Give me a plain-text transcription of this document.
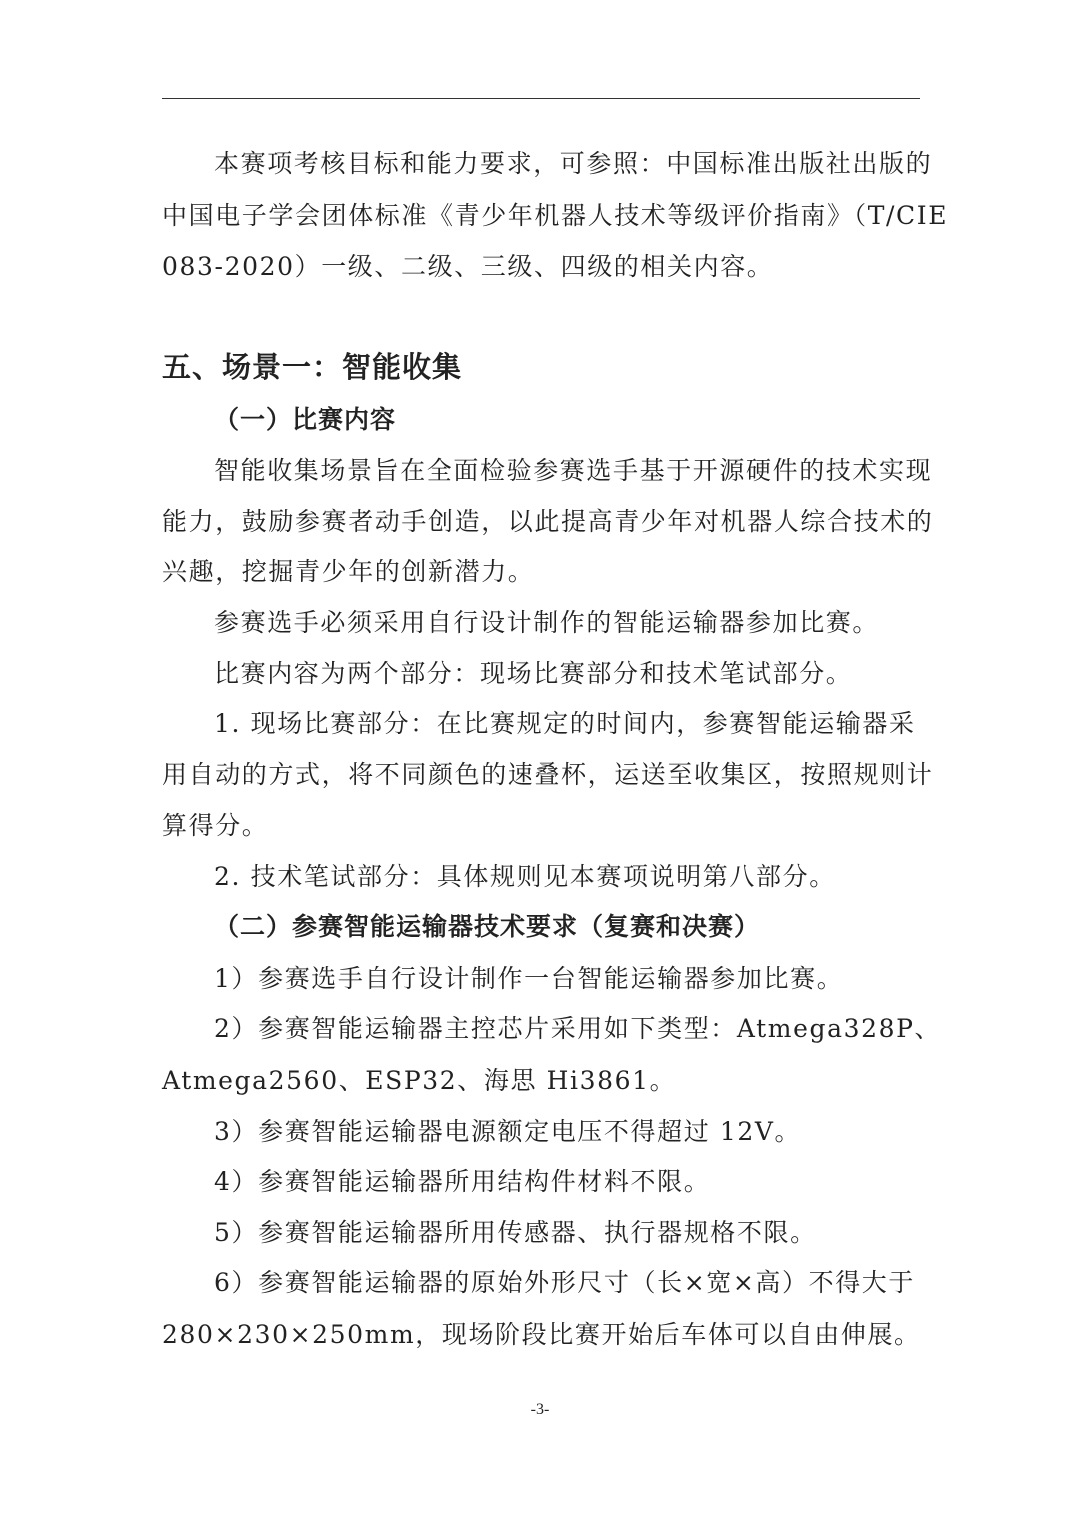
本赛项考核目标和能力要求，可参照：中国标准出版社出版的
中国电子学会团体标准《青少年机器人技术等级评价指南》（T/CIE
083-2020）一级、二级、三级、四级的相关内容。
五、场景一：智能收集
（一）比赛内容
智能收集场景旨在全面检验参赛选手基于开源硬件的技术实现
能力，鼓励参赛者动手创造，以此提高青少年对机器人综合技术的
兴趣，挖掘青少年的创新潜力。
参赛选手必须采用自行设计制作的智能运输器参加比赛。
比赛内容为两个部分：现场比赛部分和技术笔试部分。
1. 现场比赛部分：在比赛规定的时间内，参赛智能运输器采
用自动的方式，将不同颜色的速叠杯，运送至收集区，按照规则计
算得分。
2. 技术笔试部分：具体规则见本赛项说明第八部分。
（二）参赛智能运输器技术要求（复赛和决赛）
1）参赛选手自行设计制作一台智能运输器参加比赛。
2）参赛智能运输器主控芯片采用如下类型：Atmega328P、
Atmega2560、ESP32、海思 Hi3861。
3）参赛智能运输器电源额定电压不得超过 12V。
4）参赛智能运输器所用结构件材料不限。
5）参赛智能运输器所用传感器、执行器规格不限。
6）参赛智能运输器的原始外形尺寸（长×宽×高）不得大于
280×230×250mm，现场阶段比赛开始后车体可以自由伸展。
-3-
